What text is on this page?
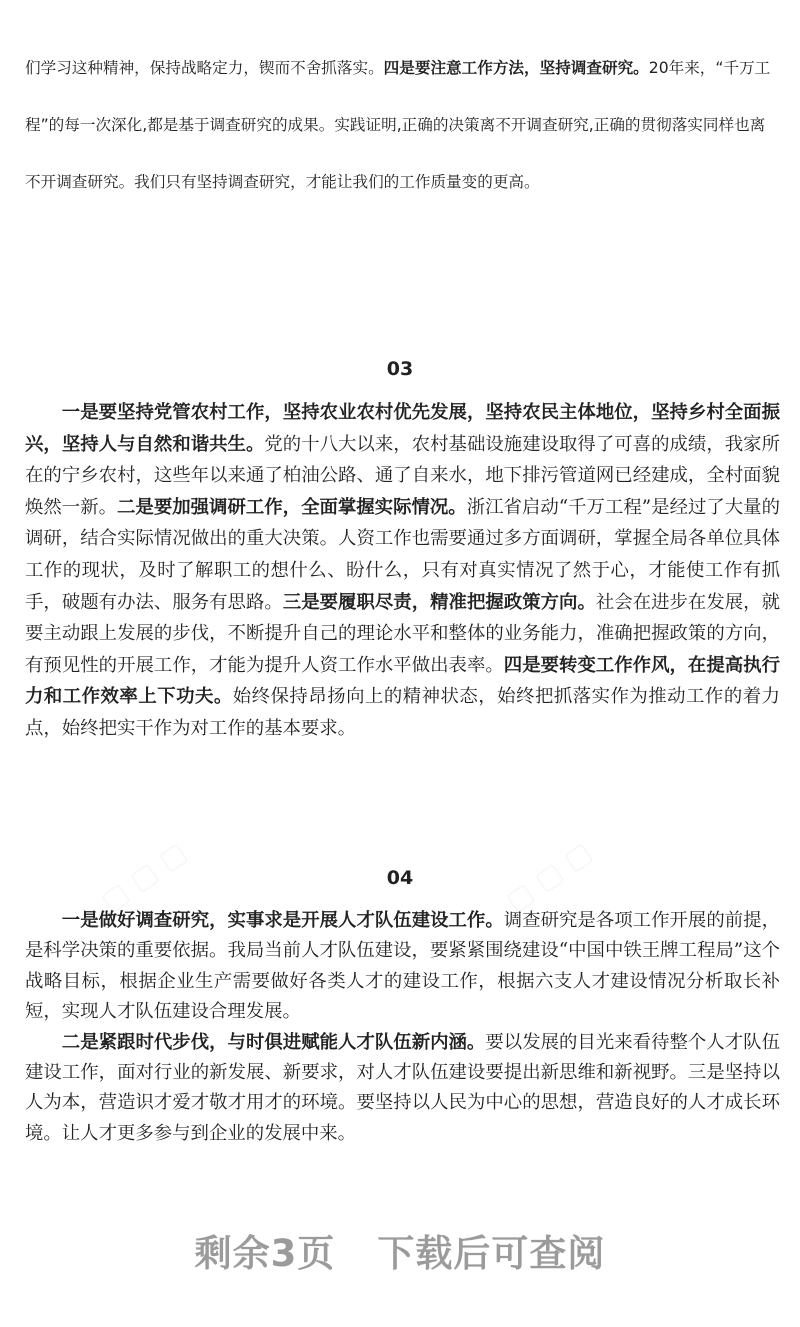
们学习这种精神，保持战略定力，锲而不舍抓落实。四是要注意工作方法，坚持调查研究。20年来，“千万工程”的每一次深化,都是基于调查研究的成果。实践证明,正确的决策离不开调查研究,正确的贯彻落实同样也离不开调查研究。我们只有坚持调查研究，才能让我们的工作质量变的更高。

03

一是要坚持党管农村工作，坚持农业农村优先发展，坚持农民主体地位，坚持乡村全面振兴，坚持人与自然和谐共生。党的十八大以来，农村基础设施建设取得了可喜的成绩，我家所在的宁乡农村，这些年以来通了柏油公路、通了自来水，地下排污管道网已经建成，全村面貌焕然一新。二是要加强调研工作，全面掌握实际情况。浙江省启动“千万工程”是经过了大量的调研，结合实际情况做出的重大决策。人资工作也需要通过多方面调研，掌握全局各单位具体工作的现状，及时了解职工的想什么、盼什么，只有对真实情况了然于心，才能使工作有抓手，破题有办法、服务有思路。三是要履职尽责，精准把握政策方向。社会在进步在发展，就要主动跟上发展的步伐，不断提升自己的理论水平和整体的业务能力，准确把握政策的方向，有预见性的开展工作，才能为提升人资工作水平做出表率。四是要转变工作作风，在提高执行力和工作效率上下功夫。始终保持昂扬向上的精神状态，始终把抓落实作为推动工作的着力点，始终把实干作为对工作的基本要求。

04

一是做好调查研究，实事求是开展人才队伍建设工作。调查研究是各项工作开展的前提，是科学决策的重要依据。我局当前人才队伍建设，要紧紧围绕建设“中国中铁王牌工程局”这个战略目标，根据企业生产需要做好各类人才的建设工作，根据六支人才建设情况分析取长补短，实现人才队伍建设合理发展。

二是紧跟时代步伐，与时俱进赋能人才队伍新内涵。要以发展的目光来看待整个人才队伍建设工作，面对行业的新发展、新要求，对人才队伍建设要提出新思维和新视野。三是坚持以人为本，营造识才爱才敬才用才的环境。要坚持以人民为中心的思想，营造良好的人才成长环境。让人才更多参与到企业的发展中来。

剩余3页 下载后可查阅
